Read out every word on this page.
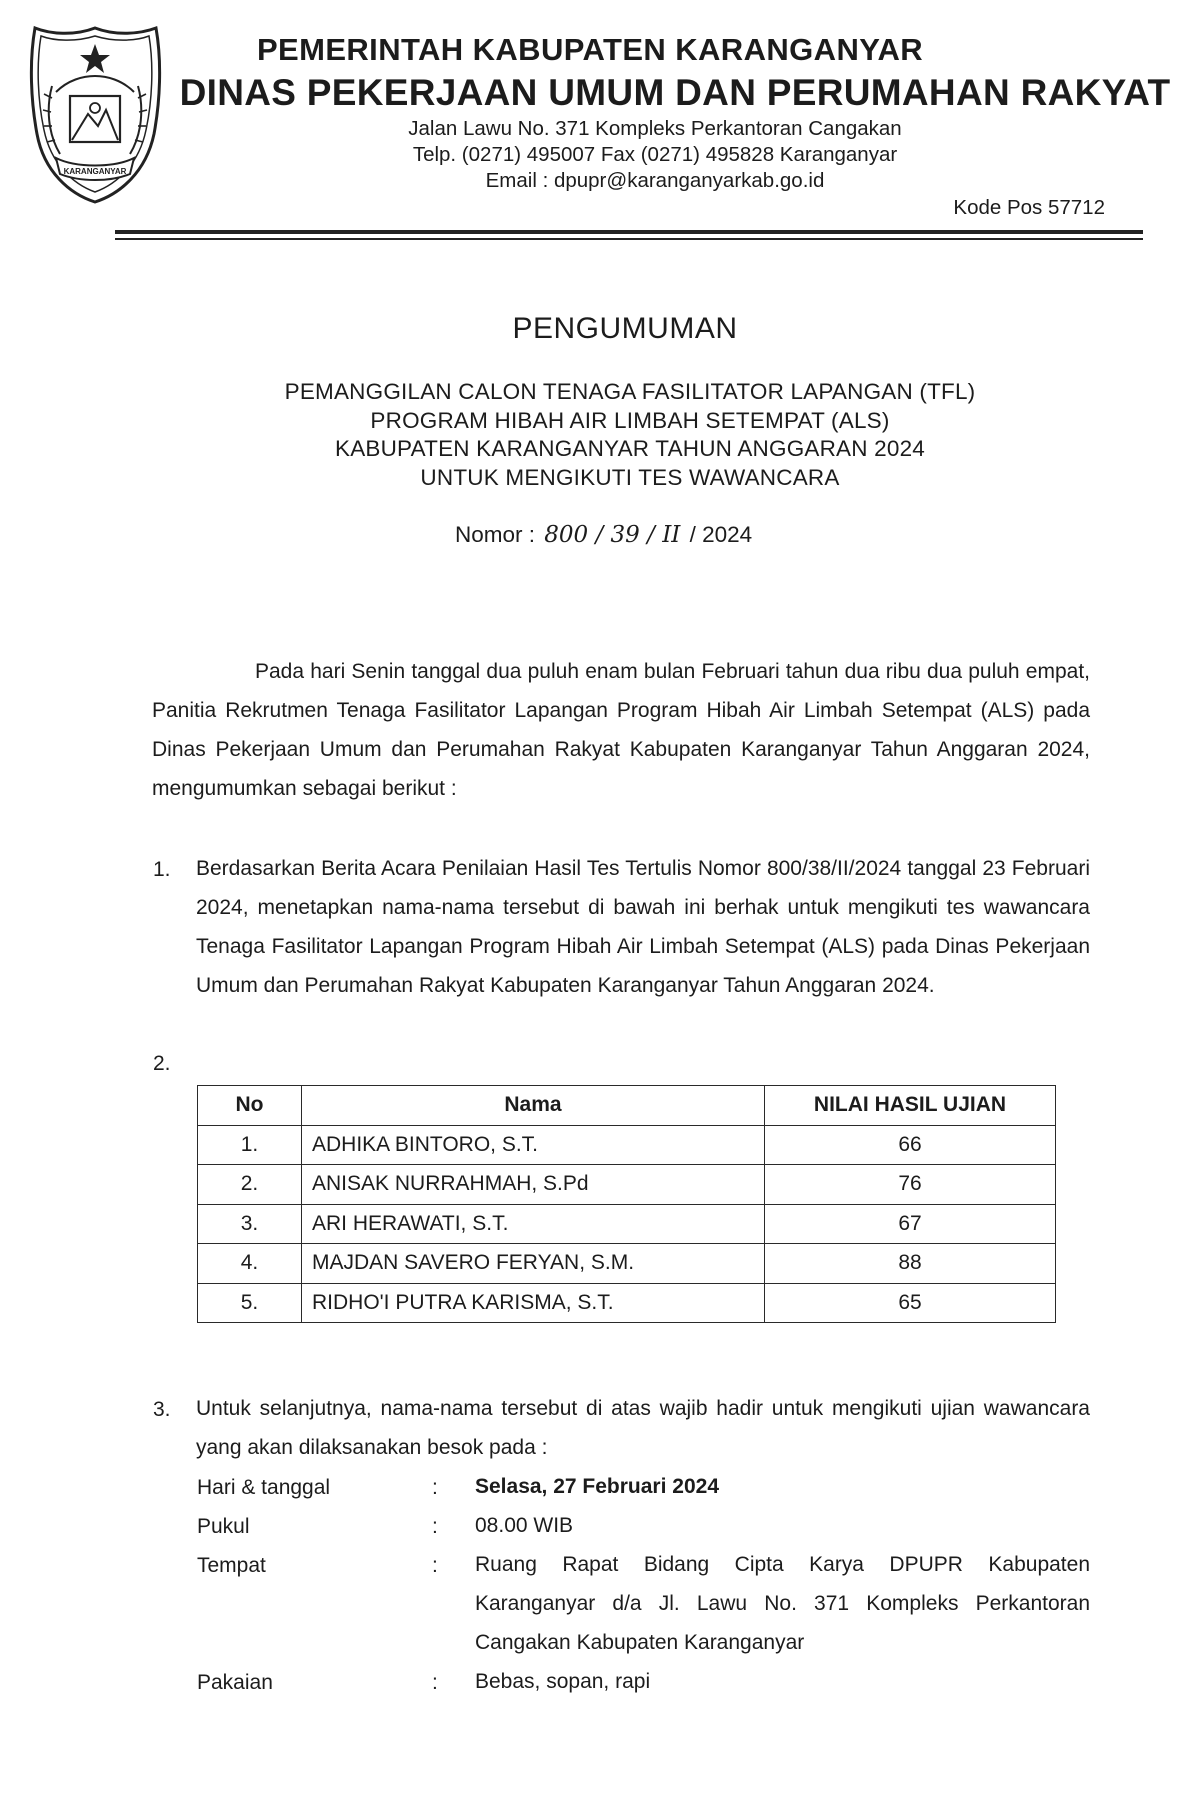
KARANGANYAR
PEMERINTAH KABUPATEN KARANGANYAR
DINAS PEKERJAAN UMUM DAN PERUMAHAN RAKYAT
Jalan Lawu No. 371 Kompleks Perkantoran Cangakan
Telp. (0271) 495007 Fax (0271) 495828 Karanganyar
Email : dpupr@karanganyarkab.go.id
Kode Pos 57712
PENGUMUMAN
PEMANGGILAN CALON TENAGA FASILITATOR LAPANGAN (TFL)
PROGRAM HIBAH AIR LIMBAH SETEMPAT (ALS)
KABUPATEN KARANGANYAR TAHUN ANGGARAN 2024
UNTUK MENGIKUTI TES WAWANCARA
Nomor : 800 / 39 / II / 2024
Pada hari Senin tanggal dua puluh enam bulan Februari tahun dua ribu dua puluh empat, Panitia Rekrutmen Tenaga Fasilitator Lapangan Program Hibah Air Limbah Setempat (ALS) pada Dinas Pekerjaan Umum dan Perumahan Rakyat Kabupaten Karanganyar Tahun Anggaran 2024, mengumumkan sebagai berikut :
1. Berdasarkan Berita Acara Penilaian Hasil Tes Tertulis Nomor 800/38/II/2024 tanggal 23 Februari 2024, menetapkan nama-nama tersebut di bawah ini berhak untuk mengikuti tes wawancara Tenaga Fasilitator Lapangan Program Hibah Air Limbah Setempat (ALS) pada Dinas Pekerjaan Umum dan Perumahan Rakyat Kabupaten Karanganyar Tahun Anggaran 2024.
2.
No	Nama	NILAI HASIL UJIAN
1.	ADHIKA BINTORO, S.T.	66
2.	ANISAK NURRAHMAH, S.Pd	76
3.	ARI HERAWATI, S.T.	67
4.	MAJDAN SAVERO FERYAN, S.M.	88
5.	RIDHO'I PUTRA KARISMA, S.T.	65
3. Untuk selanjutnya, nama-nama tersebut di atas wajib hadir untuk mengikuti ujian wawancara yang akan dilaksanakan besok pada :
Hari & tanggal	: Selasa, 27 Februari 2024
Pukul	: 08.00 WIB
Tempat	: Ruang Rapat Bidang Cipta Karya DPUPR Kabupaten Karanganyar d/a Jl. Lawu No. 371 Kompleks Perkantoran Cangakan Kabupaten Karanganyar
Pakaian	: Bebas, sopan, rapi
